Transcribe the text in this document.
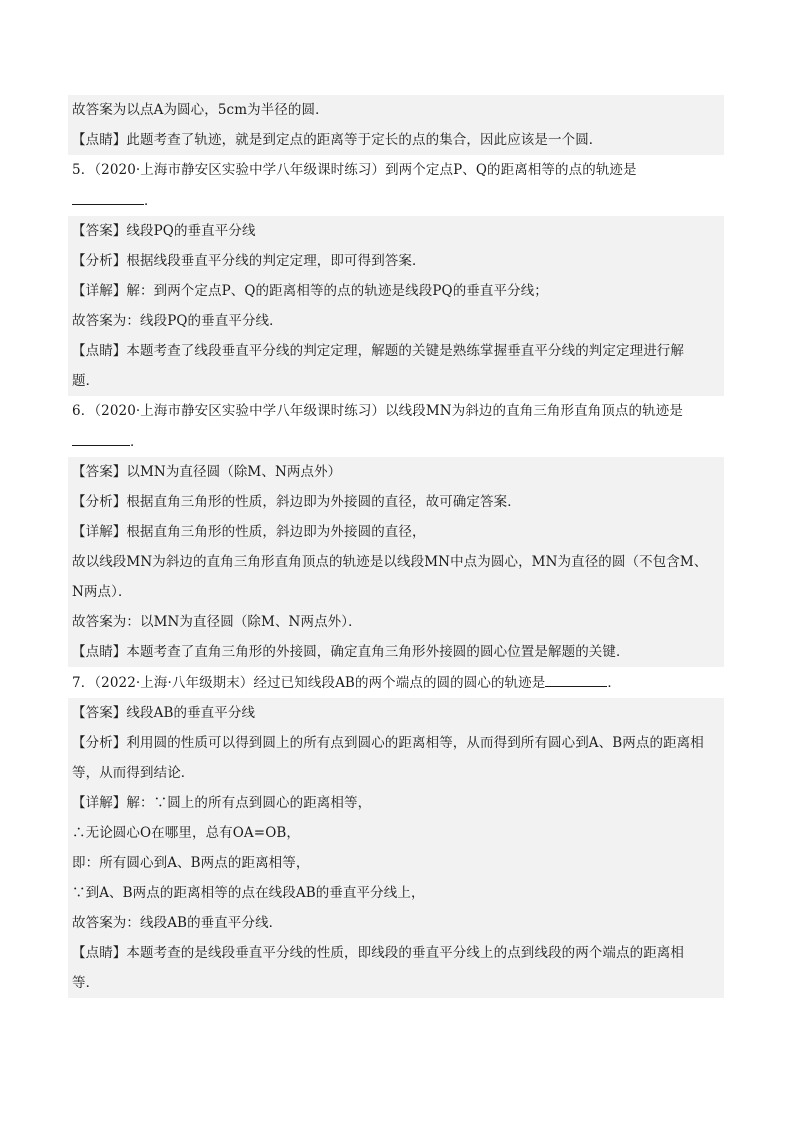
故答案为以点A为圆心，5cm为半径的圆．
【点睛】此题考查了轨迹，就是到定点的距离等于定长的点的集合，因此应该是一个圆．
5．（2020·上海市静安区实验中学八年级课时练习）到两个定点P、Q的距离相等的点的轨迹是
．
【答案】线段PQ的垂直平分线
【分析】根据线段垂直平分线的判定定理，即可得到答案．
【详解】解：到两个定点P、Q的距离相等的点的轨迹是线段PQ的垂直平分线；
故答案为：线段PQ的垂直平分线．
【点睛】本题考查了线段垂直平分线的判定定理，解题的关键是熟练掌握垂直平分线的判定定理进行解
题．
6．（2020·上海市静安区实验中学八年级课时练习）以线段MN为斜边的直角三角形直角顶点的轨迹是
．
【答案】以MN为直径圆（除M、N两点外）
【分析】根据直角三角形的性质，斜边即为外接圆的直径，故可确定答案．
【详解】根据直角三角形的性质，斜边即为外接圆的直径，
故以线段MN为斜边的直角三角形直角顶点的轨迹是以线段MN中点为圆心，MN为直径的圆（不包含M、
N两点）．
故答案为：以MN为直径圆（除M、N两点外）．
【点睛】本题考查了直角三角形的外接圆，确定直角三角形外接圆的圆心位置是解题的关键．
7．（2022·上海·八年级期末）经过已知线段AB的两个端点的圆的圆心的轨迹是	．
【答案】线段AB的垂直平分线
【分析】利用圆的性质可以得到圆上的所有点到圆心的距离相等，从而得到所有圆心到A、B两点的距离相
等，从而得到结论．
【详解】解：∵圆上的所有点到圆心的距离相等，
∴无论圆心O在哪里，总有OA=OB，
即：所有圆心到A、B两点的距离相等，
∵到A、B两点的距离相等的点在线段AB的垂直平分线上，
故答案为：线段AB的垂直平分线．
【点睛】本题考查的是线段垂直平分线的性质，即线段的垂直平分线上的点到线段的两个端点的距离相
等．
